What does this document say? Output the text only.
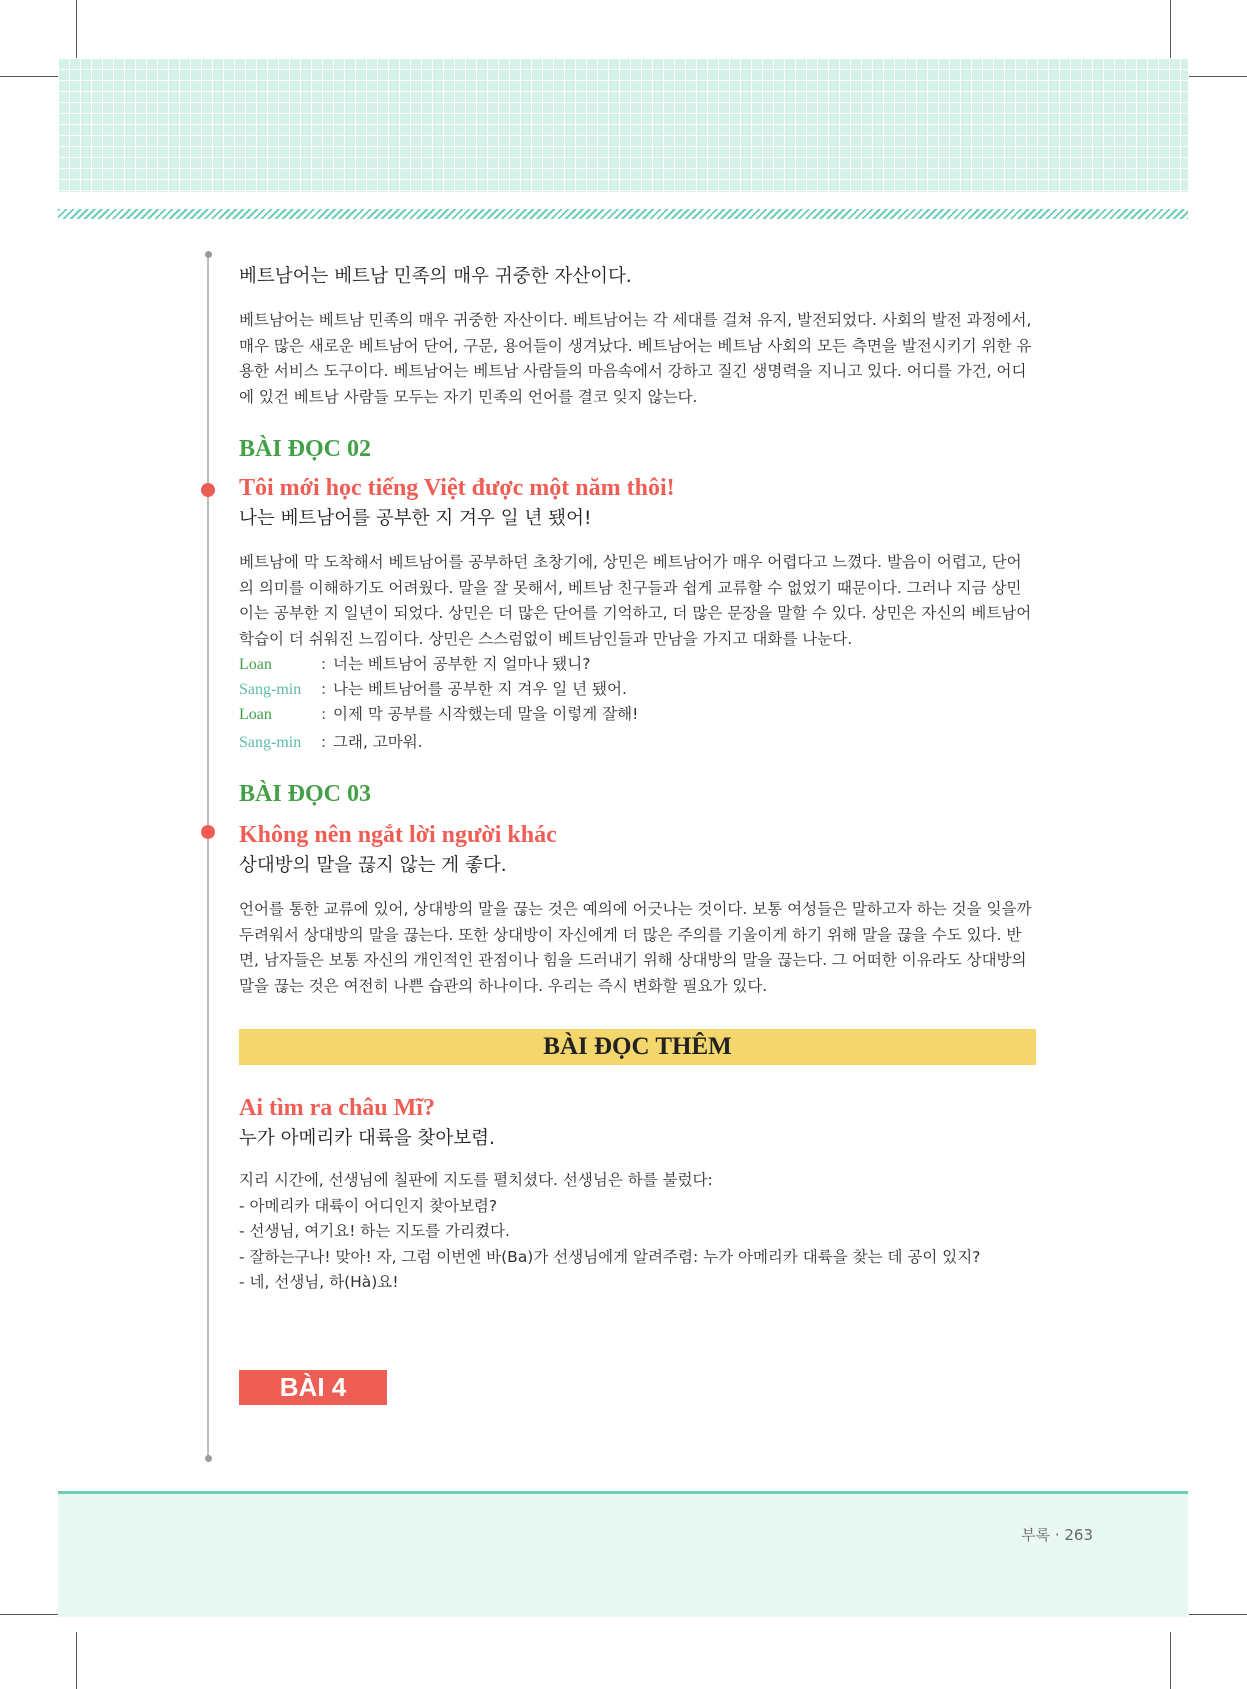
베트남어는 베트남 민족의 매우 귀중한 자산이다.

베트남어는 베트남 민족의 매우 귀중한 자산이다. 베트남어는 각 세대를 걸쳐 유지, 발전되었다. 사회의 발전 과정에서,

매우 많은 새로운 베트남어 단어, 구문, 용어들이 생겨났다. 베트남어는 베트남 사회의 모든 측면을 발전시키기 위한 유

용한 서비스 도구이다. 베트남어는 베트남 사람들의 마음속에서 강하고 질긴 생명력을 지니고 있다. 어디를 가건, 어디

에 있건 베트남 사람들 모두는 자기 민족의 언어를 결코 잊지 않는다.

BÀI ĐỌC 02
Tôi mới học tiếng Việt được một năm thôi!
나는 베트남어를 공부한 지 겨우 일 년 됐어!

베트남에 막 도착해서 베트남어를 공부하던 초창기에, 상민은 베트남어가 매우 어렵다고 느꼈다. 발음이 어렵고, 단어

의 의미를 이해하기도 어려웠다. 말을 잘 못해서, 베트남 친구들과 쉽게 교류할 수 없었기 때문이다. 그러나 지금 상민

이는 공부한 지 일년이 되었다. 상민은 더 많은 단어를 기억하고, 더 많은 문장을 말할 수 있다. 상민은 자신의 베트남어

학습이 더 쉬워진 느낌이다. 상민은 스스럼없이 베트남인들과 만남을 가지고 대화를 나눈다.

Loan	: 너는 베트남어 공부한 지 얼마나 됐니?
Sang-min	: 나는 베트남어를 공부한 지 겨우 일 년 됐어.
Loan	: 이제 막 공부를 시작했는데 말을 이렇게 잘해!
Sang-min	: 그래, 고마워.
BÀI ĐỌC 03
Không nên ngắt lời người khác
상대방의 말을 끊지 않는 게 좋다.

언어를 통한 교류에 있어, 상대방의 말을 끊는 것은 예의에 어긋나는 것이다. 보통 여성들은 말하고자 하는 것을 잊을까

두려워서 상대방의 말을 끊는다. 또한 상대방이 자신에게 더 많은 주의를 기울이게 하기 위해 말을 끊을 수도 있다. 반

면, 남자들은 보통 자신의 개인적인 관점이나 힘을 드러내기 위해 상대방의 말을 끊는다. 그 어떠한 이유라도 상대방의

말을 끊는 것은 여전히 나쁜 습관의 하나이다. 우리는 즉시 변화할 필요가 있다.

BÀI ĐỌC THÊM
Ai tìm ra châu Mĩ?
누가 아메리카 대륙을 찾아보렴.

지리 시간에, 선생님에 칠판에 지도를 펼치셨다. 선생님은 하를 불렀다:

- 아메리카 대륙이 어디인지 찾아보렴?

- 선생님, 여기요! 하는 지도를 가리켰다.

- 잘하는구나! 맞아! 자, 그럼 이번엔 바(Ba)가 선생님에게 알려주렴: 누가 아메리카 대륙을 찾는 데 공이 있지?

- 네, 선생님, 하(Hà)요!

BÀI 4
부록 · 263
